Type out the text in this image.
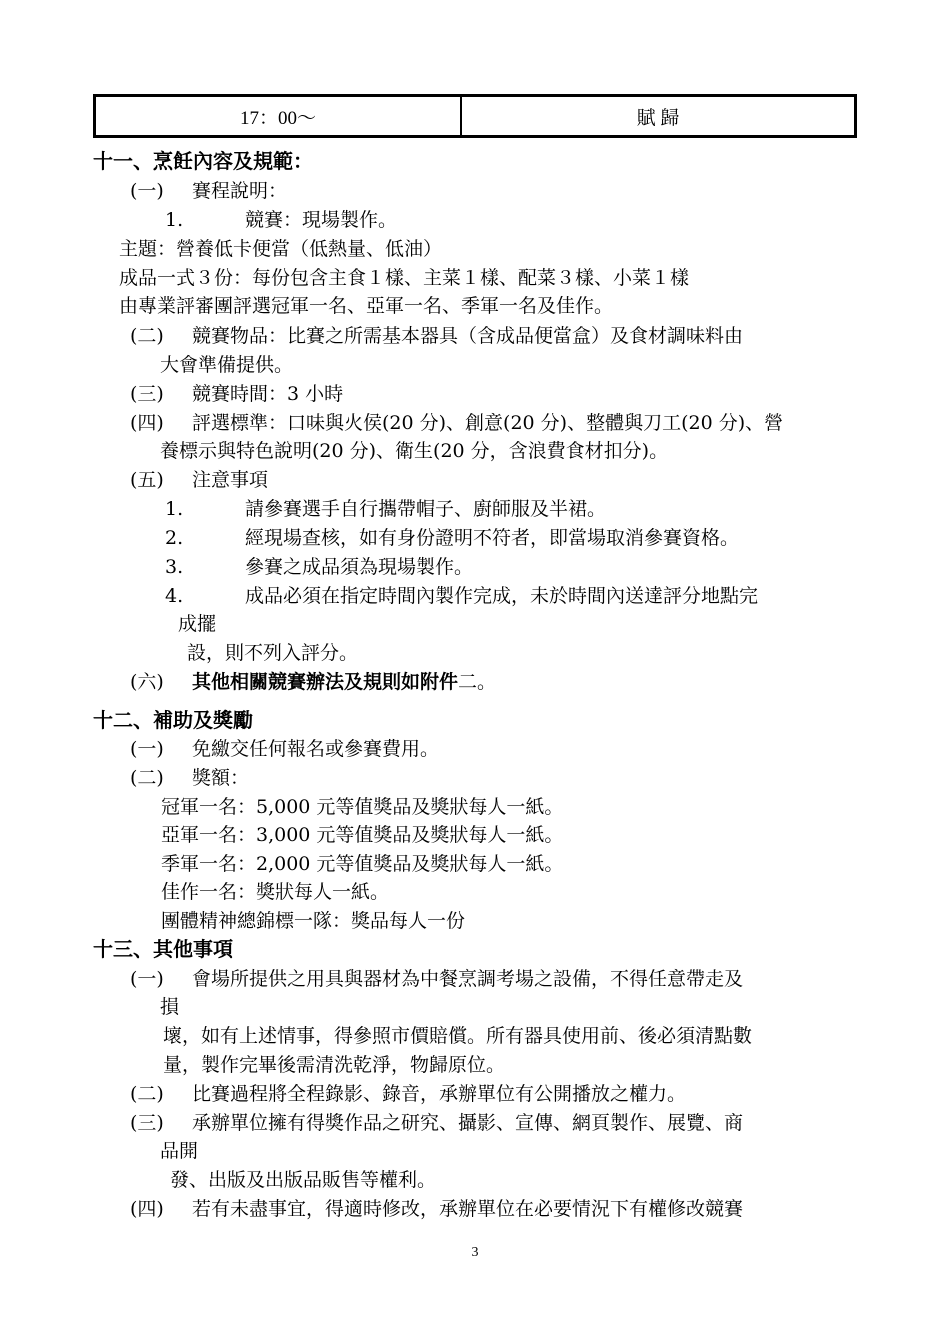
17：00～	賦 歸
十一、烹飪內容及規範：
(一) 賽程說明：
1.	競賽：現場製作。
主題：營養低卡便當（低熱量、低油）
成品一式３份：每份包含主食１樣、主菜１樣、配菜３樣、小菜１樣
由專業評審團評選冠軍一名、亞軍一名、季軍一名及佳作。
(二) 競賽物品：比賽之所需基本器具（含成品便當盒）及食材調味料由
大會準備提供。
(三) 競賽時間：3 小時
(四) 評選標準：口味與火侯(20 分)、創意(20 分)、整體與刀工(20 分)、營
養標示與特色說明(20 分)、衛生(20 分，含浪費食材扣分)。
(五) 注意事項
1.	請參賽選手自行攜帶帽子、廚師服及半裙。
2.	經現場查核，如有身份證明不符者，即當場取消參賽資格。
3.	參賽之成品須為現場製作。
4.	成品必須在指定時間內製作完成，未於時間內送達評分地點完
成擺
設，則不列入評分。
(六) 其他相關競賽辦法及規則如附件二。
十二、補助及獎勵
(一) 免繳交任何報名或參賽費用。
(二) 獎額：
冠軍一名：5,000 元等值獎品及獎狀每人一紙。
亞軍一名：3,000 元等值獎品及獎狀每人一紙。
季軍一名：2,000 元等值獎品及獎狀每人一紙。
佳作一名：獎狀每人一紙。
團體精神總錦標一隊：獎品每人一份
十三、其他事項
(一) 會場所提供之用具與器材為中餐烹調考場之設備，不得任意帶走及
損
壞，如有上述情事，得參照市價賠償。所有器具使用前、後必須清點數
量，製作完畢後需清洗乾淨，物歸原位。
(二) 比賽過程將全程錄影、錄音，承辦單位有公開播放之權力。
(三) 承辦單位擁有得獎作品之研究、攝影、宣傳、網頁製作、展覽、商
品開
發、出版及出版品販售等權利。
(四) 若有未盡事宜，得適時修改，承辦單位在必要情況下有權修改競賽
3
